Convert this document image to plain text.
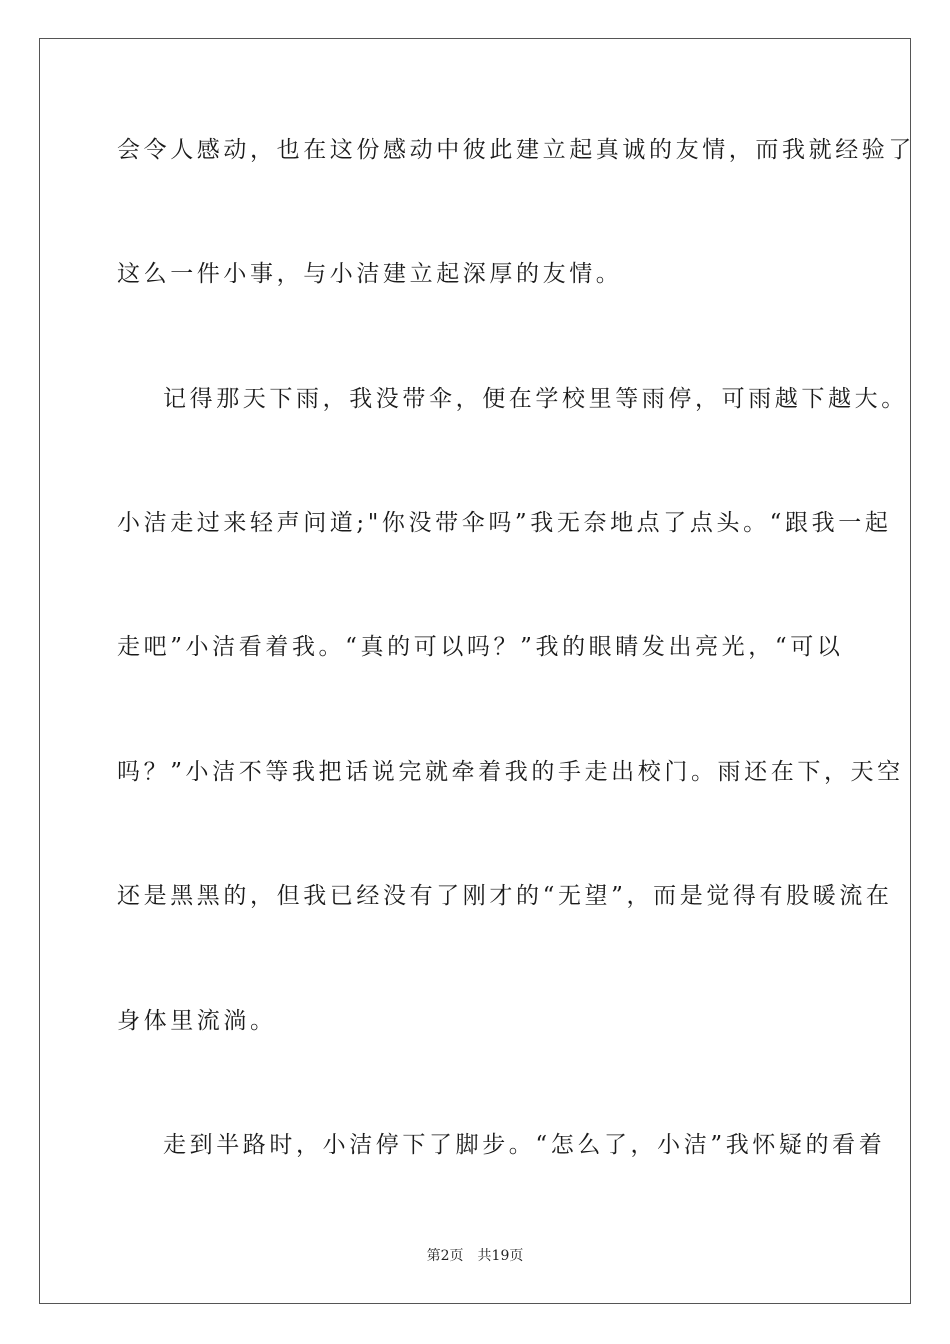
会令人感动，也在这份感动中彼此建立起真诚的友情，而我就经验了
这么一件小事，与小洁建立起深厚的友情。
记得那天下雨，我没带伞，便在学校里等雨停，可雨越下越大。
小洁走过来轻声问道;"你没带伞吗”我无奈地点了点头。“跟我一起
走吧”小洁看着我。“真的可以吗？”我的眼睛发出亮光，“可以
吗？”小洁不等我把话说完就牵着我的手走出校门。雨还在下，天空
还是黑黑的，但我已经没有了刚才的“无望”，而是觉得有股暖流在
身体里流淌。
走到半路时，小洁停下了脚步。“怎么了，小洁”我怀疑的看着
第2页 共19页
